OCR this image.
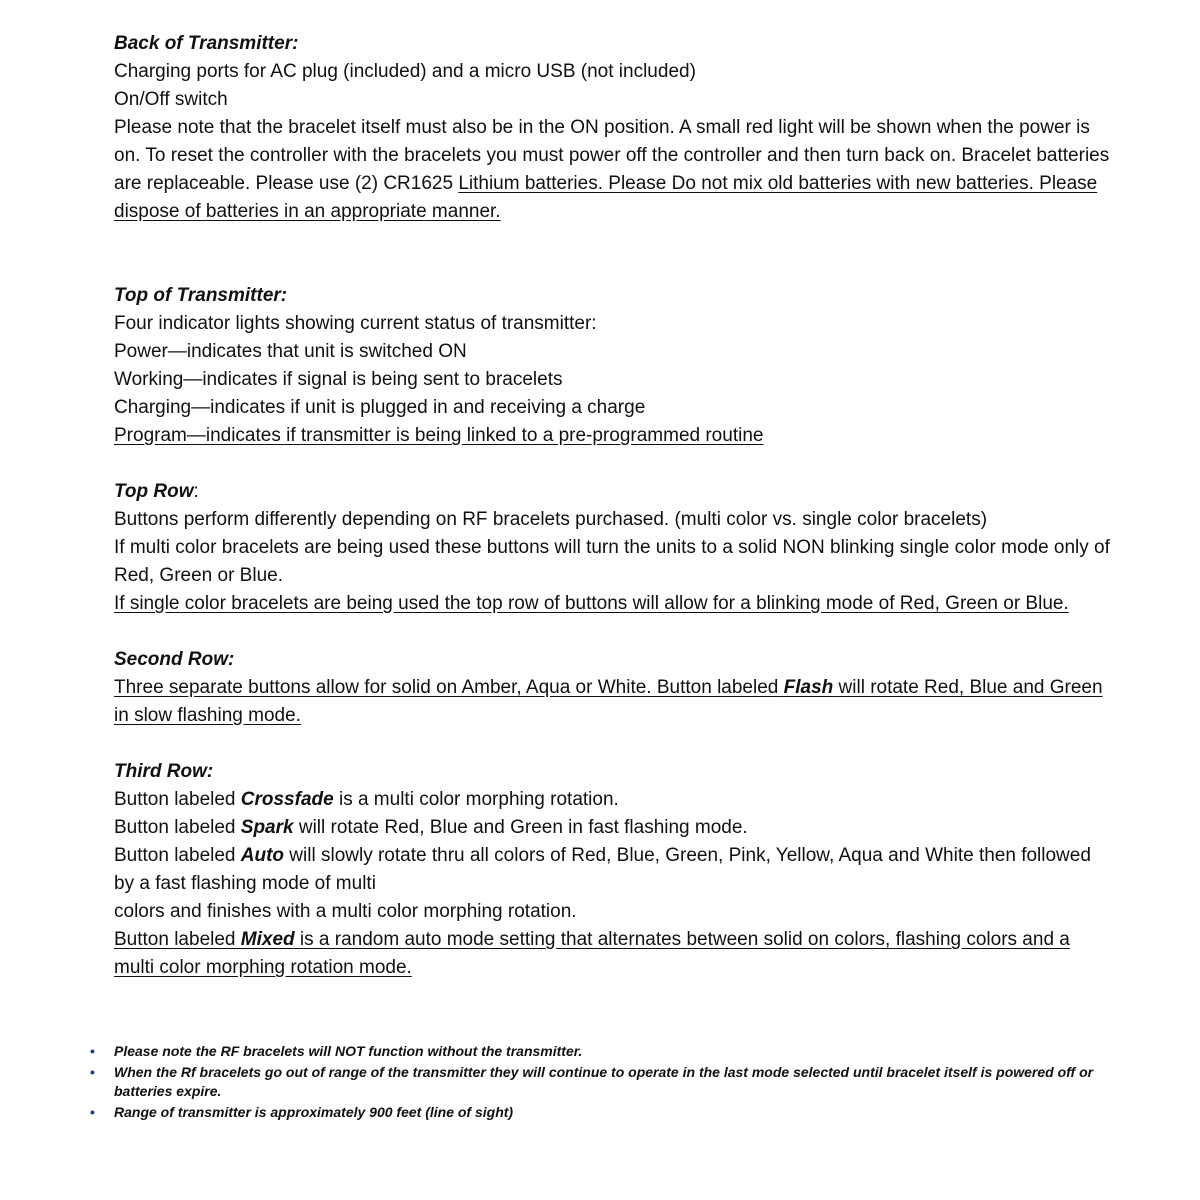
Back of Transmitter:
Charging ports for AC plug (included) and a micro USB (not included)
On/Off switch
Please note that the bracelet itself must also be in the ON position. A small red light will be shown when the power is on. To reset the controller with the bracelets you must power off the controller and then turn back on. Bracelet batteries are replaceable. Please use (2) CR1625 Lithium batteries. Please Do not mix old batteries with new batteries. Please dispose of batteries in an appropriate manner.
Top of Transmitter:
Four indicator lights showing current status of transmitter:
Power—indicates that unit is switched ON
Working—indicates if signal is being sent to bracelets
Charging—indicates if unit is plugged in and receiving a charge
Program—indicates if transmitter is being linked to a pre-programmed routine
Top Row:
Buttons perform differently depending on RF bracelets purchased. (multi color vs. single color bracelets)
If multi color bracelets are being used these buttons will turn the units to a solid NON blinking single color mode only of Red, Green or Blue.
If single color bracelets are being used the top row of buttons will allow for a blinking mode of Red, Green or Blue.
Second Row:
Three separate buttons allow for solid on Amber, Aqua or White. Button labeled Flash will rotate Red, Blue and Green in slow flashing mode.
Third Row:
Button labeled Crossfade is a multi color morphing rotation.
Button labeled Spark will rotate Red, Blue and Green in fast flashing mode.
Button labeled Auto will slowly rotate thru all colors of Red, Blue, Green, Pink, Yellow, Aqua and White then followed by a fast flashing mode of multi
colors and finishes with a multi color morphing rotation.
Button labeled Mixed is a random auto mode setting that alternates between solid on colors, flashing colors and a multi color morphing rotation mode.
• Please note the RF bracelets will NOT function without the transmitter.
• When the Rf bracelets go out of range of the transmitter they will continue to operate in the last mode selected until bracelet itself is powered off or batteries expire.
• Range of transmitter is approximately 900 feet (line of sight)
